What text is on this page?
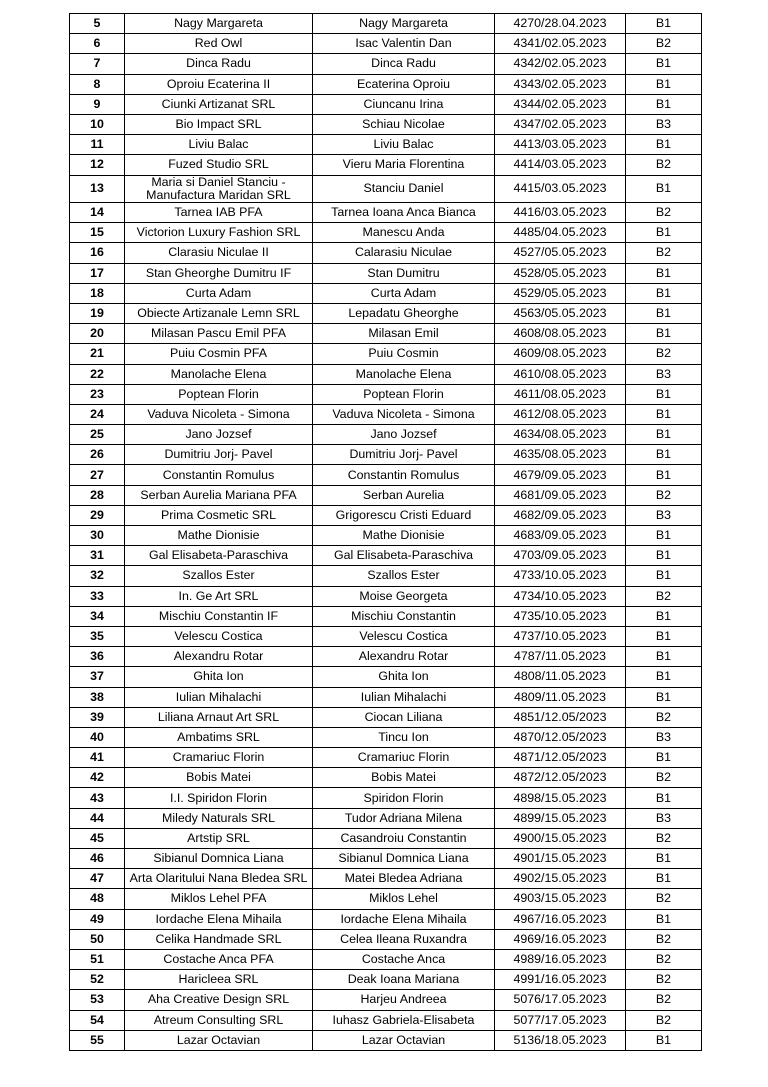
5	Nagy Margareta	Nagy Margareta	4270/28.04.2023	B1
6	Red Owl	Isac Valentin Dan	4341/02.05.2023	B2
7	Dinca Radu	Dinca Radu	4342/02.05.2023	B1
8	Oproiu Ecaterina II	Ecaterina Oproiu	4343/02.05.2023	B1
9	Ciunki Artizanat SRL	Ciuncanu Irina	4344/02.05.2023	B1
10	Bio Impact SRL	Schiau Nicolae	4347/02.05.2023	B3
11	Liviu Balac	Liviu Balac	4413/03.05.2023	B1
12	Fuzed Studio SRL	Vieru Maria Florentina	4414/03.05.2023	B2
13	Maria si Daniel Stanciu - Manufactura Maridan SRL	Stanciu Daniel	4415/03.05.2023	B1
14	Tarnea IAB PFA	Tarnea Ioana Anca Bianca	4416/03.05.2023	B2
15	Victorion Luxury Fashion SRL	Manescu Anda	4485/04.05.2023	B1
16	Clarasiu Niculae II	Calarasiu Niculae	4527/05.05.2023	B2
17	Stan Gheorghe Dumitru IF	Stan Dumitru	4528/05.05.2023	B1
18	Curta Adam	Curta Adam	4529/05.05.2023	B1
19	Obiecte Artizanale Lemn SRL	Lepadatu Gheorghe	4563/05.05.2023	B1
20	Milasan Pascu Emil PFA	Milasan Emil	4608/08.05.2023	B1
21	Puiu Cosmin PFA	Puiu Cosmin	4609/08.05.2023	B2
22	Manolache Elena	Manolache Elena	4610/08.05.2023	B3
23	Poptean Florin	Poptean Florin	4611/08.05.2023	B1
24	Vaduva Nicoleta - Simona	Vaduva Nicoleta - Simona	4612/08.05.2023	B1
25	Jano Jozsef	Jano Jozsef	4634/08.05.2023	B1
26	Dumitriu Jorj- Pavel	Dumitriu Jorj- Pavel	4635/08.05.2023	B1
27	Constantin Romulus	Constantin Romulus	4679/09.05.2023	B1
28	Serban Aurelia Mariana PFA	Serban Aurelia	4681/09.05.2023	B2
29	Prima Cosmetic SRL	Grigorescu Cristi Eduard	4682/09.05.2023	B3
30	Mathe Dionisie	Mathe Dionisie	4683/09.05.2023	B1
31	Gal Elisabeta-Paraschiva	Gal Elisabeta-Paraschiva	4703/09.05.2023	B1
32	Szallos Ester	Szallos Ester	4733/10.05.2023	B1
33	In. Ge Art SRL	Moise Georgeta	4734/10.05.2023	B2
34	Mischiu Constantin IF	Mischiu Constantin	4735/10.05.2023	B1
35	Velescu Costica	Velescu Costica	4737/10.05.2023	B1
36	Alexandru Rotar	Alexandru Rotar	4787/11.05.2023	B1
37	Ghita Ion	Ghita Ion	4808/11.05.2023	B1
38	Iulian Mihalachi	Iulian Mihalachi	4809/11.05.2023	B1
39	Liliana Arnaut Art SRL	Ciocan Liliana	4851/12.05/2023	B2
40	Ambatims SRL	Tincu Ion	4870/12.05/2023	B3
41	Cramariuc Florin	Cramariuc Florin	4871/12.05/2023	B1
42	Bobis Matei	Bobis Matei	4872/12.05/2023	B2
43	I.I. Spiridon Florin	Spiridon Florin	4898/15.05.2023	B1
44	Miledy Naturals SRL	Tudor Adriana Milena	4899/15.05.2023	B3
45	Artstip SRL	Casandroiu Constantin	4900/15.05.2023	B2
46	Sibianul Domnica Liana	Sibianul Domnica Liana	4901/15.05.2023	B1
47	Arta Olaritului Nana Bledea SRL	Matei Bledea Adriana	4902/15.05.2023	B1
48	Miklos Lehel PFA	Miklos Lehel	4903/15.05.2023	B2
49	Iordache Elena Mihaila	Iordache Elena Mihaila	4967/16.05.2023	B1
50	Celika Handmade SRL	Celea Ileana Ruxandra	4969/16.05.2023	B2
51	Costache Anca PFA	Costache Anca	4989/16.05.2023	B2
52	Haricleea SRL	Deak Ioana Mariana	4991/16.05.2023	B2
53	Aha Creative Design SRL	Harjeu Andreea	5076/17.05.2023	B2
54	Atreum Consulting SRL	Iuhasz Gabriela-Elisabeta	5077/17.05.2023	B2
55	Lazar Octavian	Lazar Octavian	5136/18.05.2023	B1
